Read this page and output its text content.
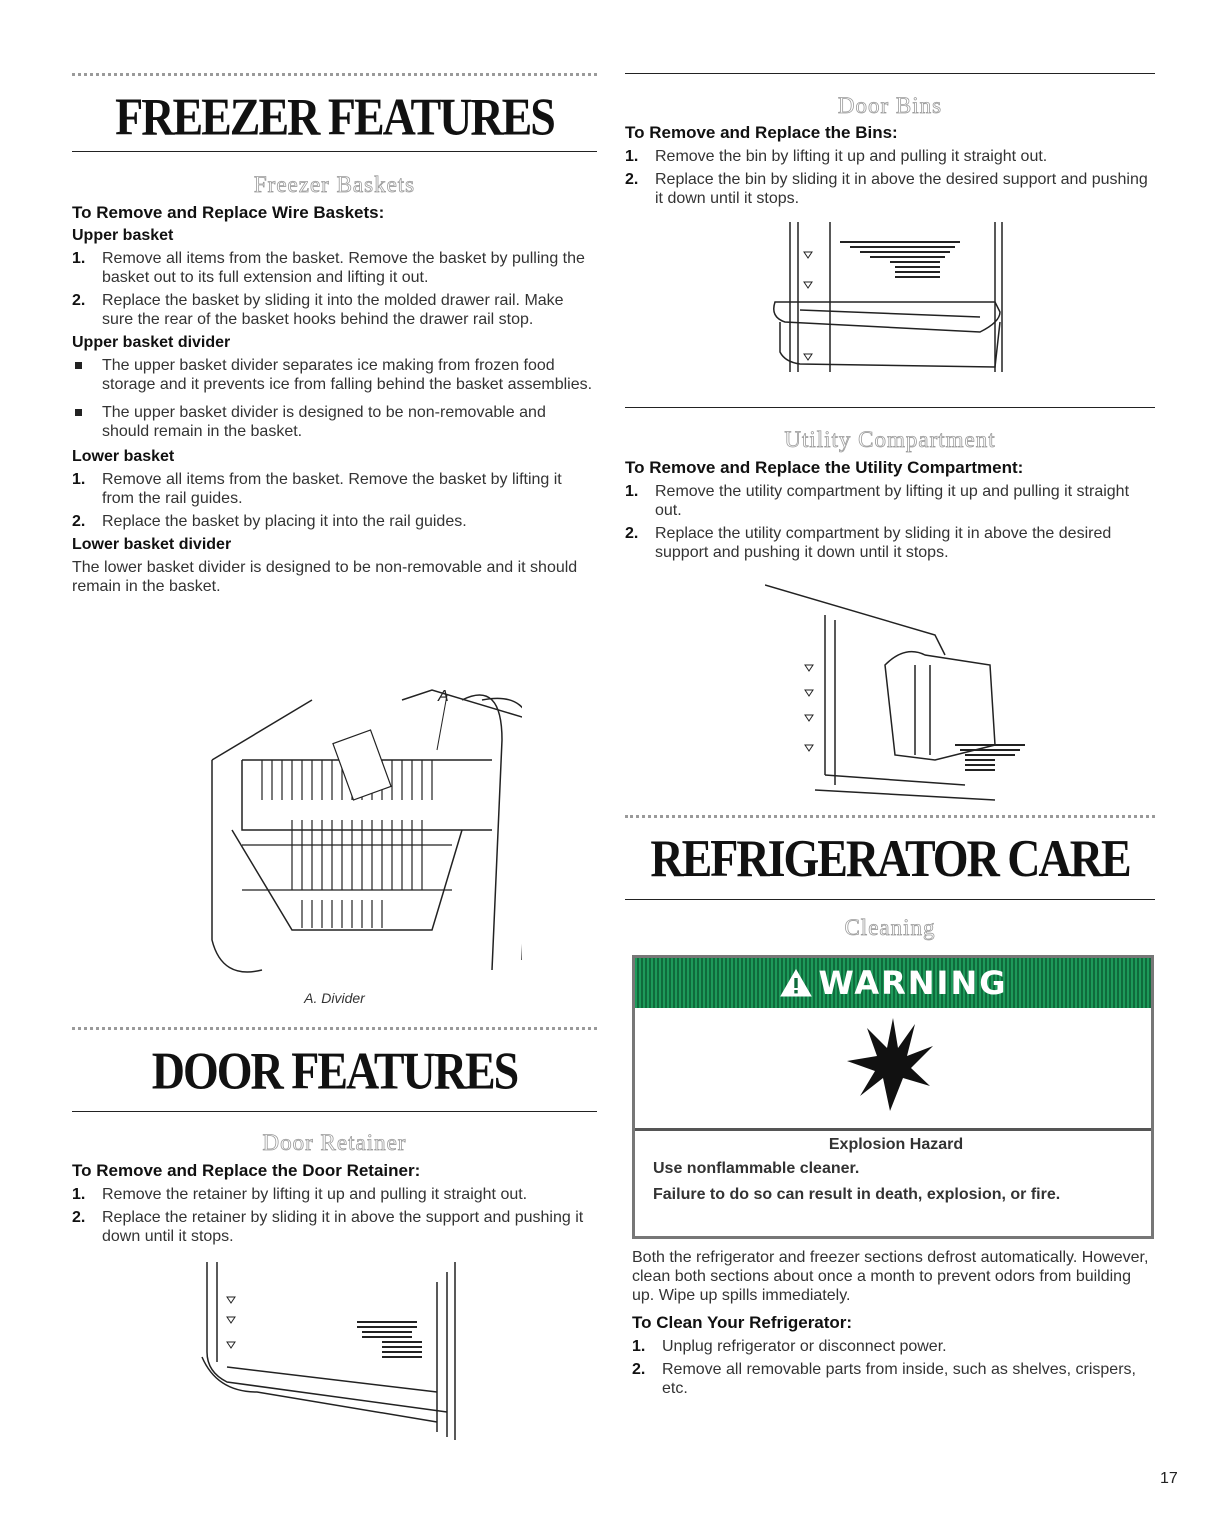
FREEZER FEATURES
Freezer Baskets
To Remove and Replace Wire Baskets:
Upper basket
1. Remove all items from the basket. Remove the basket by pulling the basket out to its full extension and lifting it out.
2. Replace the basket by sliding it into the molded drawer rail. Make sure the rear of the basket hooks behind the drawer rail stop.
Upper basket divider
The upper basket divider separates ice making from frozen food storage and it prevents ice from falling behind the basket assemblies.
The upper basket divider is designed to be non-removable and should remain in the basket.
Lower basket
1. Remove all items from the basket. Remove the basket by lifting it from the rail guides.
2. Replace the basket by placing it into the rail guides.
Lower basket divider
The lower basket divider is designed to be non-removable and it should remain in the basket.
A
A. Divider
DOOR FEATURES
Door Retainer
To Remove and Replace the Door Retainer:
1. Remove the retainer by lifting it up and pulling it straight out.
2. Replace the retainer by sliding it in above the support and pushing it down until it stops.
Door Bins
To Remove and Replace the Bins:
1. Remove the bin by lifting it up and pulling it straight out.
2. Replace the bin by sliding it in above the desired support and pushing it down until it stops.
Utility Compartment
To Remove and Replace the Utility Compartment:
1. Remove the utility compartment by lifting it up and pulling it straight out.
2. Replace the utility compartment by sliding it in above the desired support and pushing it down until it stops.
REFRIGERATOR CARE
Cleaning
WARNING
Explosion Hazard

Use nonflammable cleaner.

Failure to do so can result in death, explosion, or fire.

Both the refrigerator and freezer sections defrost automatically. However, clean both sections about once a month to prevent odors from building up. Wipe up spills immediately.
To Clean Your Refrigerator:
1. Unplug refrigerator or disconnect power.
2. Remove all removable parts from inside, such as shelves, crispers, etc.
17
